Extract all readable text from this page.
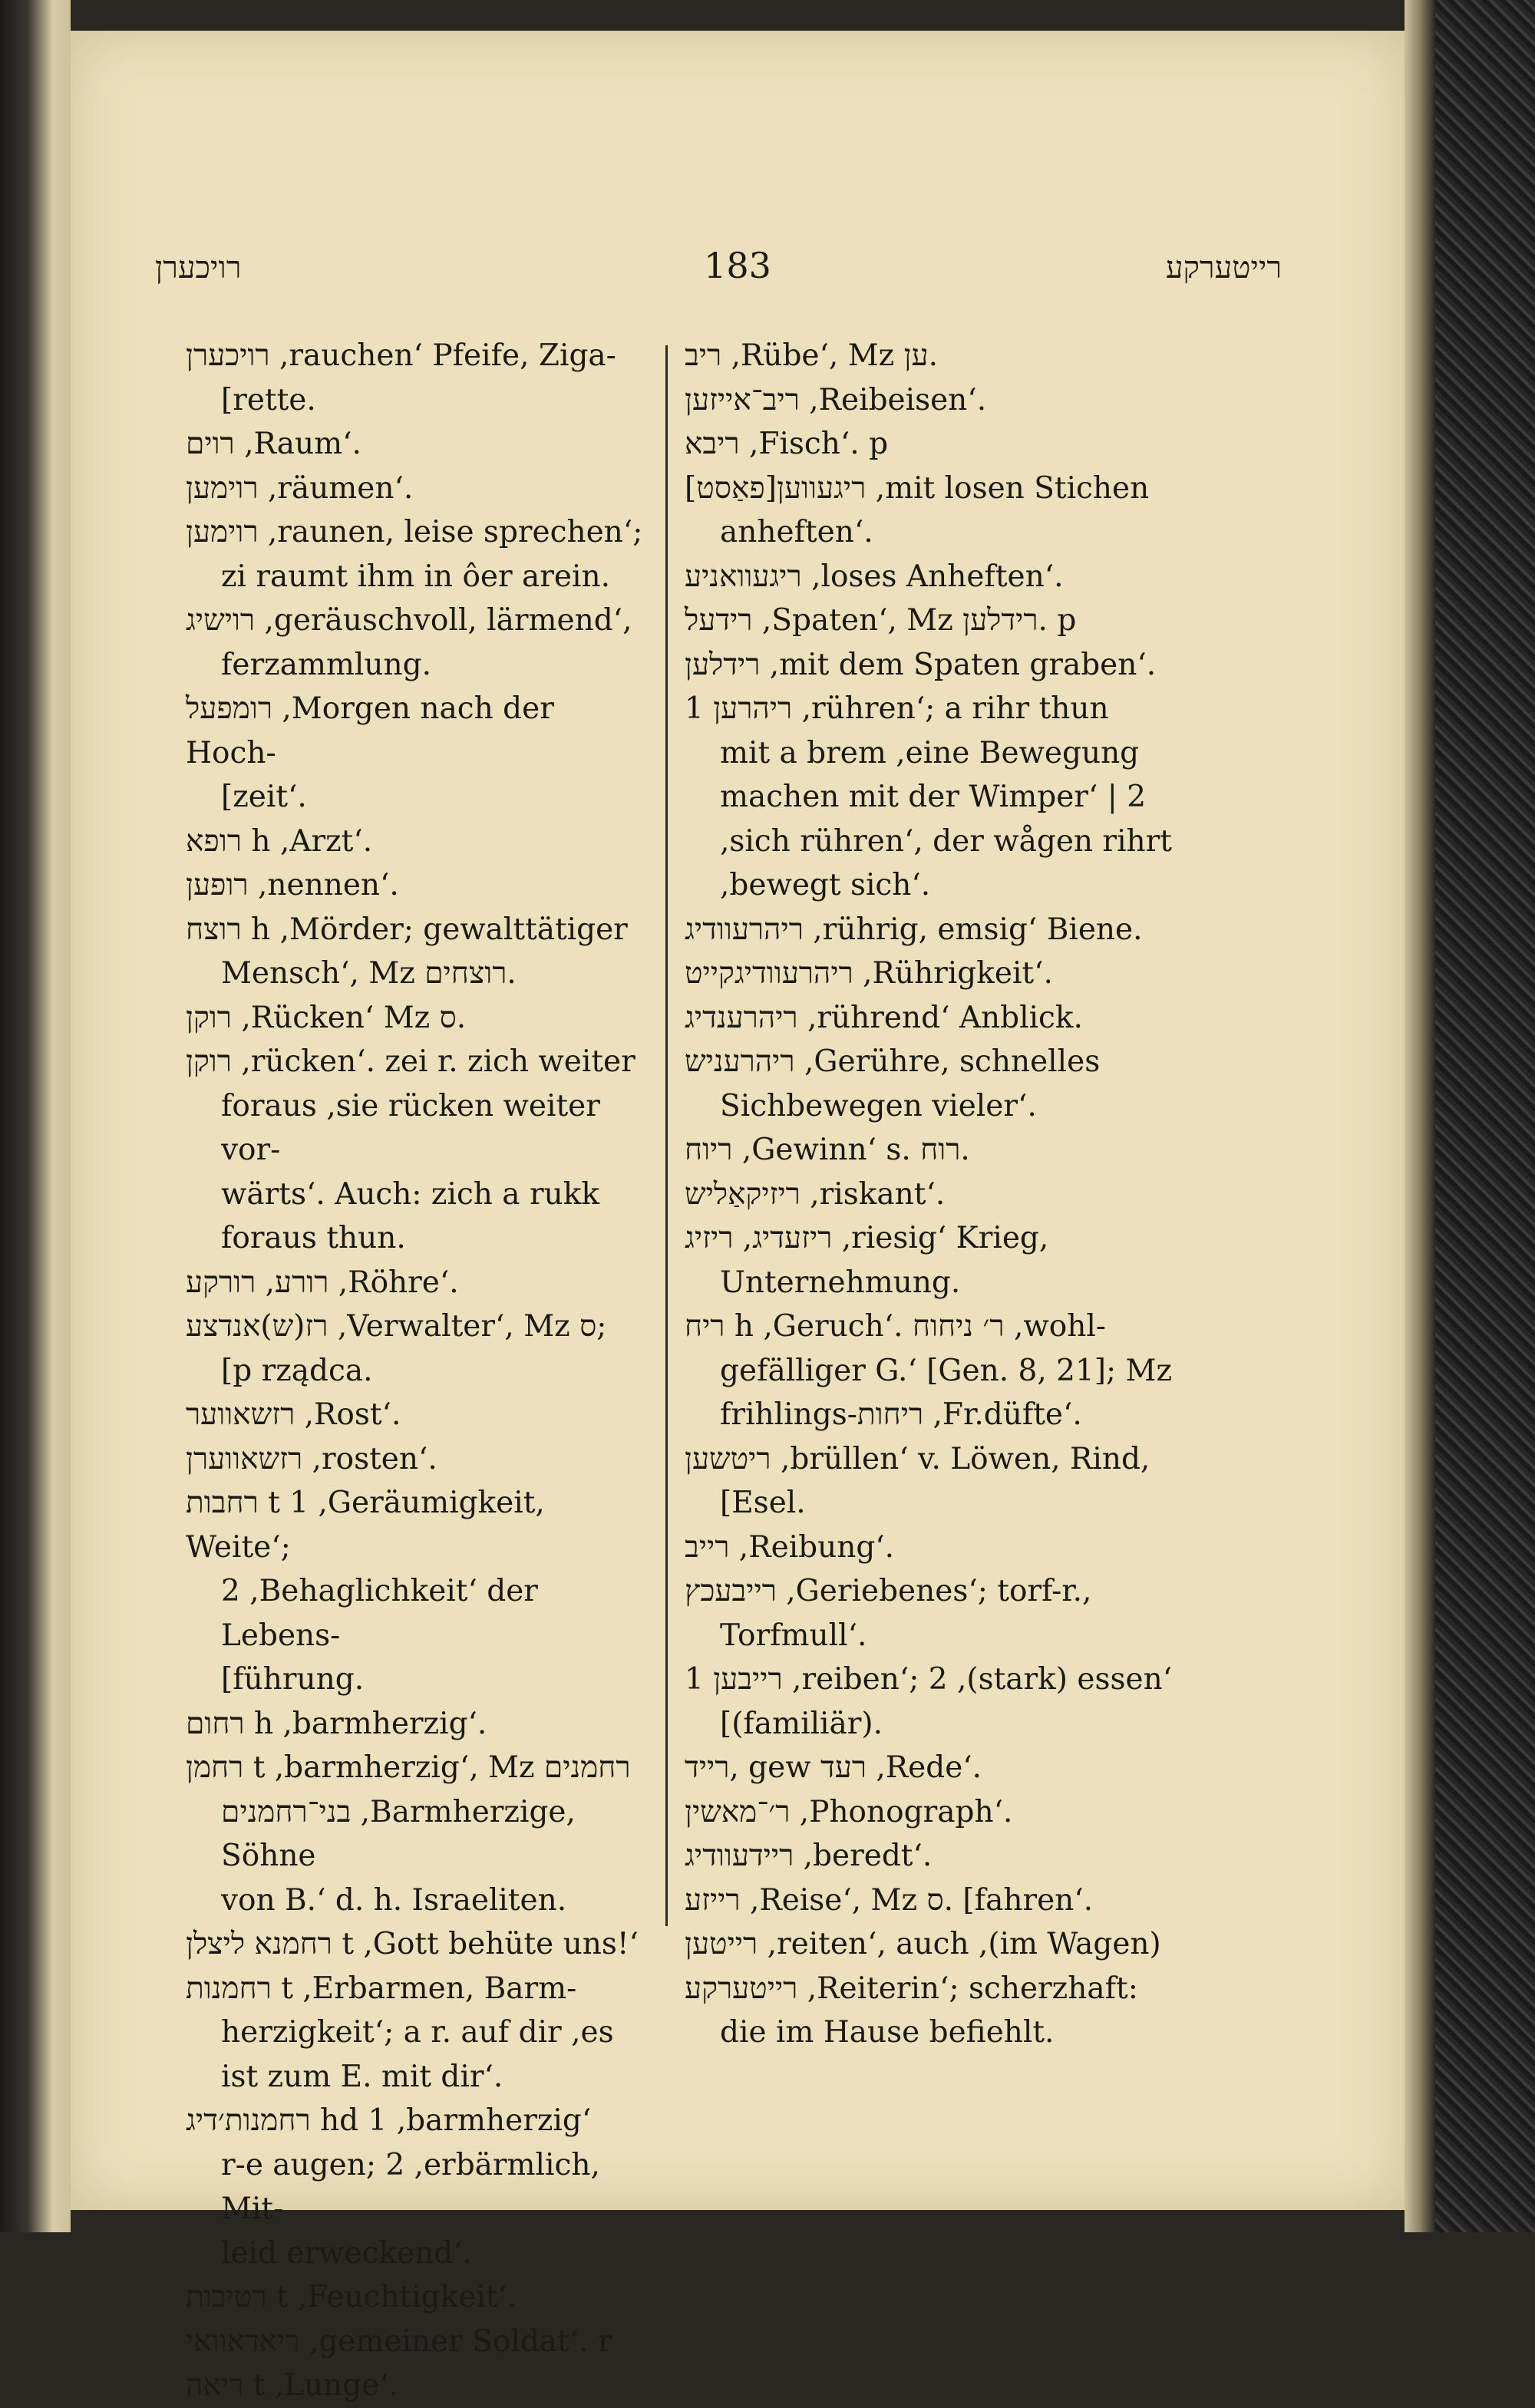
רויכערן	183	רייטערקע
רויכערן ,rauchen‘ Pfeife, Ziga-
[rette.
רוים ,Raum‘.
רוימען ,räumen‘.
רוימען ,raunen, leise sprechen‘;
zi raumt ihm in ôer arein.
רוישיג ,geräuschvoll, lärmend‘,
ferzammlung.
רומפעל ,Morgen nach der Hoch-
[zeit‘.
רופא h ,Arzt‘.
רופען ,nennen‘.
רוצח h ,Mörder; gewalttätiger
Mensch‘, Mz רוצחים.
רוקן ,Rücken‘ Mz ס.
רוקן ,rücken‘. zei r. zich weiter
foraus ,sie rücken weiter vor-
wärts‘. Auch: zich a rukk
foraus thun.
רורע, רורקע ,Röhre‘.
רז(ש)אנדצע ,Verwalter‘, Mz ס;
[p rządca.
רזשאווער ,Rost‘.
רזשאווערן ,rosten‘.
רחבות t 1 ,Geräumigkeit, Weite‘;
2 ,Behaglichkeit‘ der Lebens-
[führung.
רחום h ,barmherzig‘.
רחמן t ,barmherzig‘, Mz רחמנים
בני־רחמנים ,Barmherzige, Söhne
von B.‘ d. h. Israeliten.
רחמנא ליצלן t ,Gott behüte uns!‘
רחמנות t ,Erbarmen, Barm-
herzigkeit‘; a r. auf dir ,es
ist zum E. mit dir‘.
רחמנות׳דיג hd 1 ,barmherzig‘
r-e augen; 2 ,erbärmlich, Mit-
leid erweckend‘.
רטיבות t ,Feuchtigkeit‘.
ריאדאוואי ,gemeiner Soldat‘. r
ריאה t ,Lunge‘.
ריב ,Rübe‘, Mz ען.
ריב־אייזען ,Reibeisen‘.
ריבא ,Fisch‘. p
[פאַסט]ריגעווען ,mit losen Stichen
anheften‘.
ריגעוואניע ,loses Anheften‘.
רידעל ,Spaten‘, Mz רידלען. p
רידלען ,mit dem Spaten graben‘.
ריהרען 1 ,rühren‘; a rihr thun
mit a brem ,eine Bewegung
machen mit der Wimper‘ | 2
,sich rühren‘, der wågen rihrt
,bewegt sich‘.
ריהרעוודיג ,rührig, emsig‘ Biene.
ריהרעוודיגקייט ,Rührigkeit‘.
ריהרענדיג ,rührend‘ Anblick.
ריהרעניש ,Gerühre, schnelles
Sichbewegen vieler‘.
ריוח ,Gewinn‘ s. רוח.
ריזיקאַליש ,riskant‘.
ריזעדיג, ריזיג ,riesig‘ Krieg,
Unternehmung.
ריח h ,Geruch‘. ר׳ ניחוח ,wohl-
gefälliger G.‘ [Gen. 8, 21]; Mz
frihlings-ריחות ,Fr.düfte‘.
ריטשען ,brüllen‘ v. Löwen, Rind,
[Esel.
רייב ,Reibung‘.
רייבעכץ ,Geriebenes‘; torf-r.,
Torfmull‘.
רייבען 1 ,reiben‘; 2 ,(stark) essen‘
[(familiär).
רייד, gew רעד ,Rede‘.
ר׳־מאשין ,Phonograph‘.
ריידעוודיג ,beredt‘.
רייזע ,Reise‘, Mz ס. [fahren‘.
רייטען ,reiten‘, auch ,(im Wagen)
רייטערקע ,Reiterin‘; scherzhaft:
die im Hause befiehlt.
